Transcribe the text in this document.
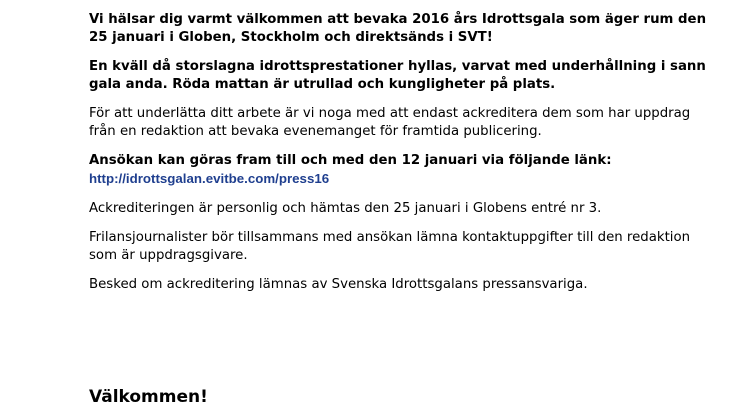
Vi hälsar dig varmt välkommen att bevaka 2016 års Idrottsgala som äger rum den 25 januari i Globen, Stockholm och direktsänds i SVT!

En kväll då storslagna idrottsprestationer hyllas, varvat med underhållning i sann gala anda. Röda mattan är utrullad och kungligheter på plats.

För att underlätta ditt arbete är vi noga med att endast ackreditera dem som har uppdrag från en redaktion att bevaka evenemanget för framtida publicering.

Ansökan kan göras fram till och med den 12 januari via följande länk:
http://idrottsgalan.evitbe.com/press16

Ackrediteringen är personlig och hämtas den 25 januari i Globens entré nr 3.

Frilansjournalister bör tillsammans med ansökan lämna kontaktuppgifter till den redaktion som är uppdragsgivare.

Besked om ackreditering lämnas av Svenska Idrottsgalans pressansvariga.

Välkommen!
